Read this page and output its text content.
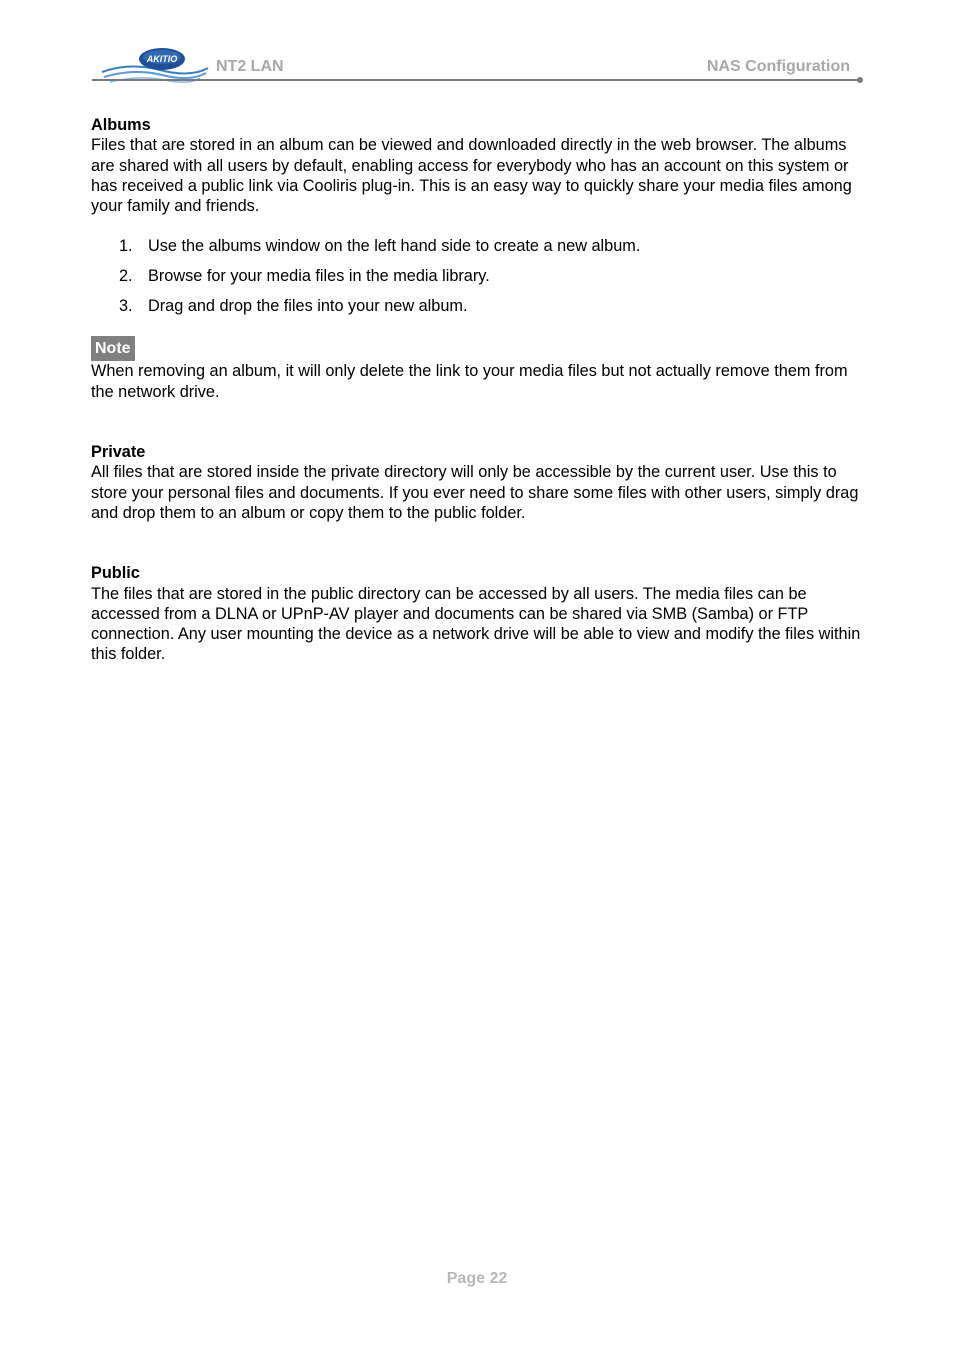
AKITIO NT2 LAN	NAS Configuration

Albums

Files that are stored in an album can be viewed and downloaded directly in the web browser. The albums are shared with all users by default, enabling access for everybody who has an account on this system or has received a public link via Cooliris plug-in. This is an easy way to quickly share your media files among your family and friends.

1. Use the albums window on the left hand side to create a new album.
2. Browse for your media files in the media library.
3. Drag and drop the files into your new album.
Note

When removing an album, it will only delete the link to your media files but not actually remove them from the network drive.

Private

All files that are stored inside the private directory will only be accessible by the current user. Use this to store your personal files and documents. If you ever need to share some files with other users, simply drag and drop them to an album or copy them to the public folder.

Public

The files that are stored in the public directory can be accessed by all users. The media files can be accessed from a DLNA or UPnP-AV player and documents can be shared via SMB (Samba) or FTP connection. Any user mounting the device as a network drive will be able to view and modify the files within this folder.

Page 22
